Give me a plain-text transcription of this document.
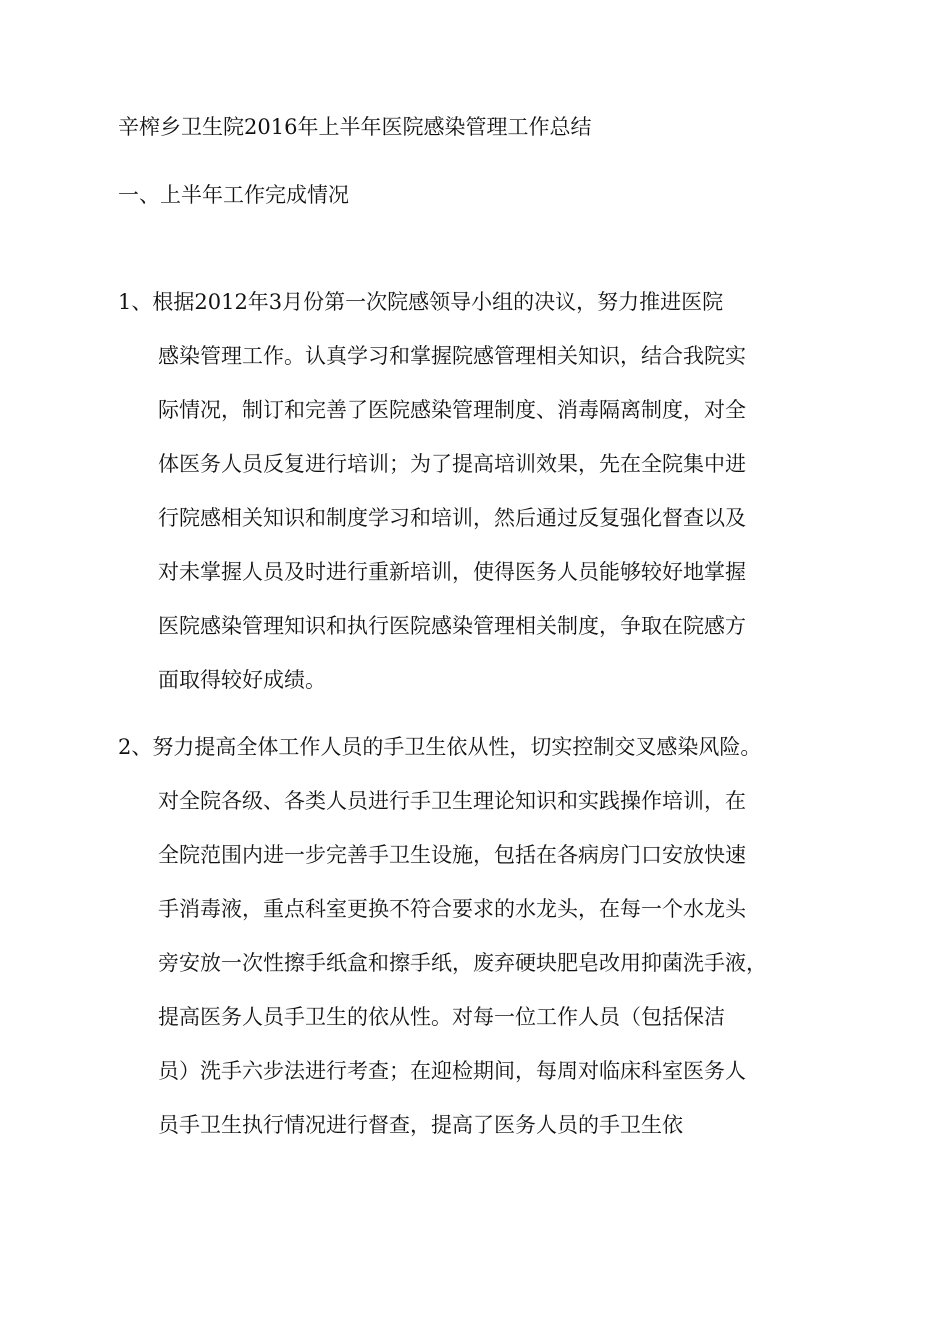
辛榨乡卫生院2016年上半年医院感染管理工作总结
一、上半年工作完成情况
1、根据2012年3月份第一次院感领导小组的决议，努力推进医院
感染管理工作。认真学习和掌握院感管理相关知识，结合我院实
际情况，制订和完善了医院感染管理制度、消毒隔离制度，对全
体医务人员反复进行培训；为了提高培训效果，先在全院集中进
行院感相关知识和制度学习和培训，然后通过反复强化督查以及
对未掌握人员及时进行重新培训，使得医务人员能够较好地掌握
医院感染管理知识和执行医院感染管理相关制度，争取在院感方
面取得较好成绩。
2、努力提高全体工作人员的手卫生依从性，切实控制交叉感染风险。
对全院各级、各类人员进行手卫生理论知识和实践操作培训，在
全院范围内进一步完善手卫生设施，包括在各病房门口安放快速
手消毒液，重点科室更换不符合要求的水龙头，在每一个水龙头
旁安放一次性擦手纸盒和擦手纸，废弃硬块肥皂改用抑菌洗手液，
提高医务人员手卫生的依从性。对每一位工作人员（包括保洁
员）洗手六步法进行考查；在迎检期间，每周对临床科室医务人
员手卫生执行情况进行督查，提高了医务人员的手卫生依
